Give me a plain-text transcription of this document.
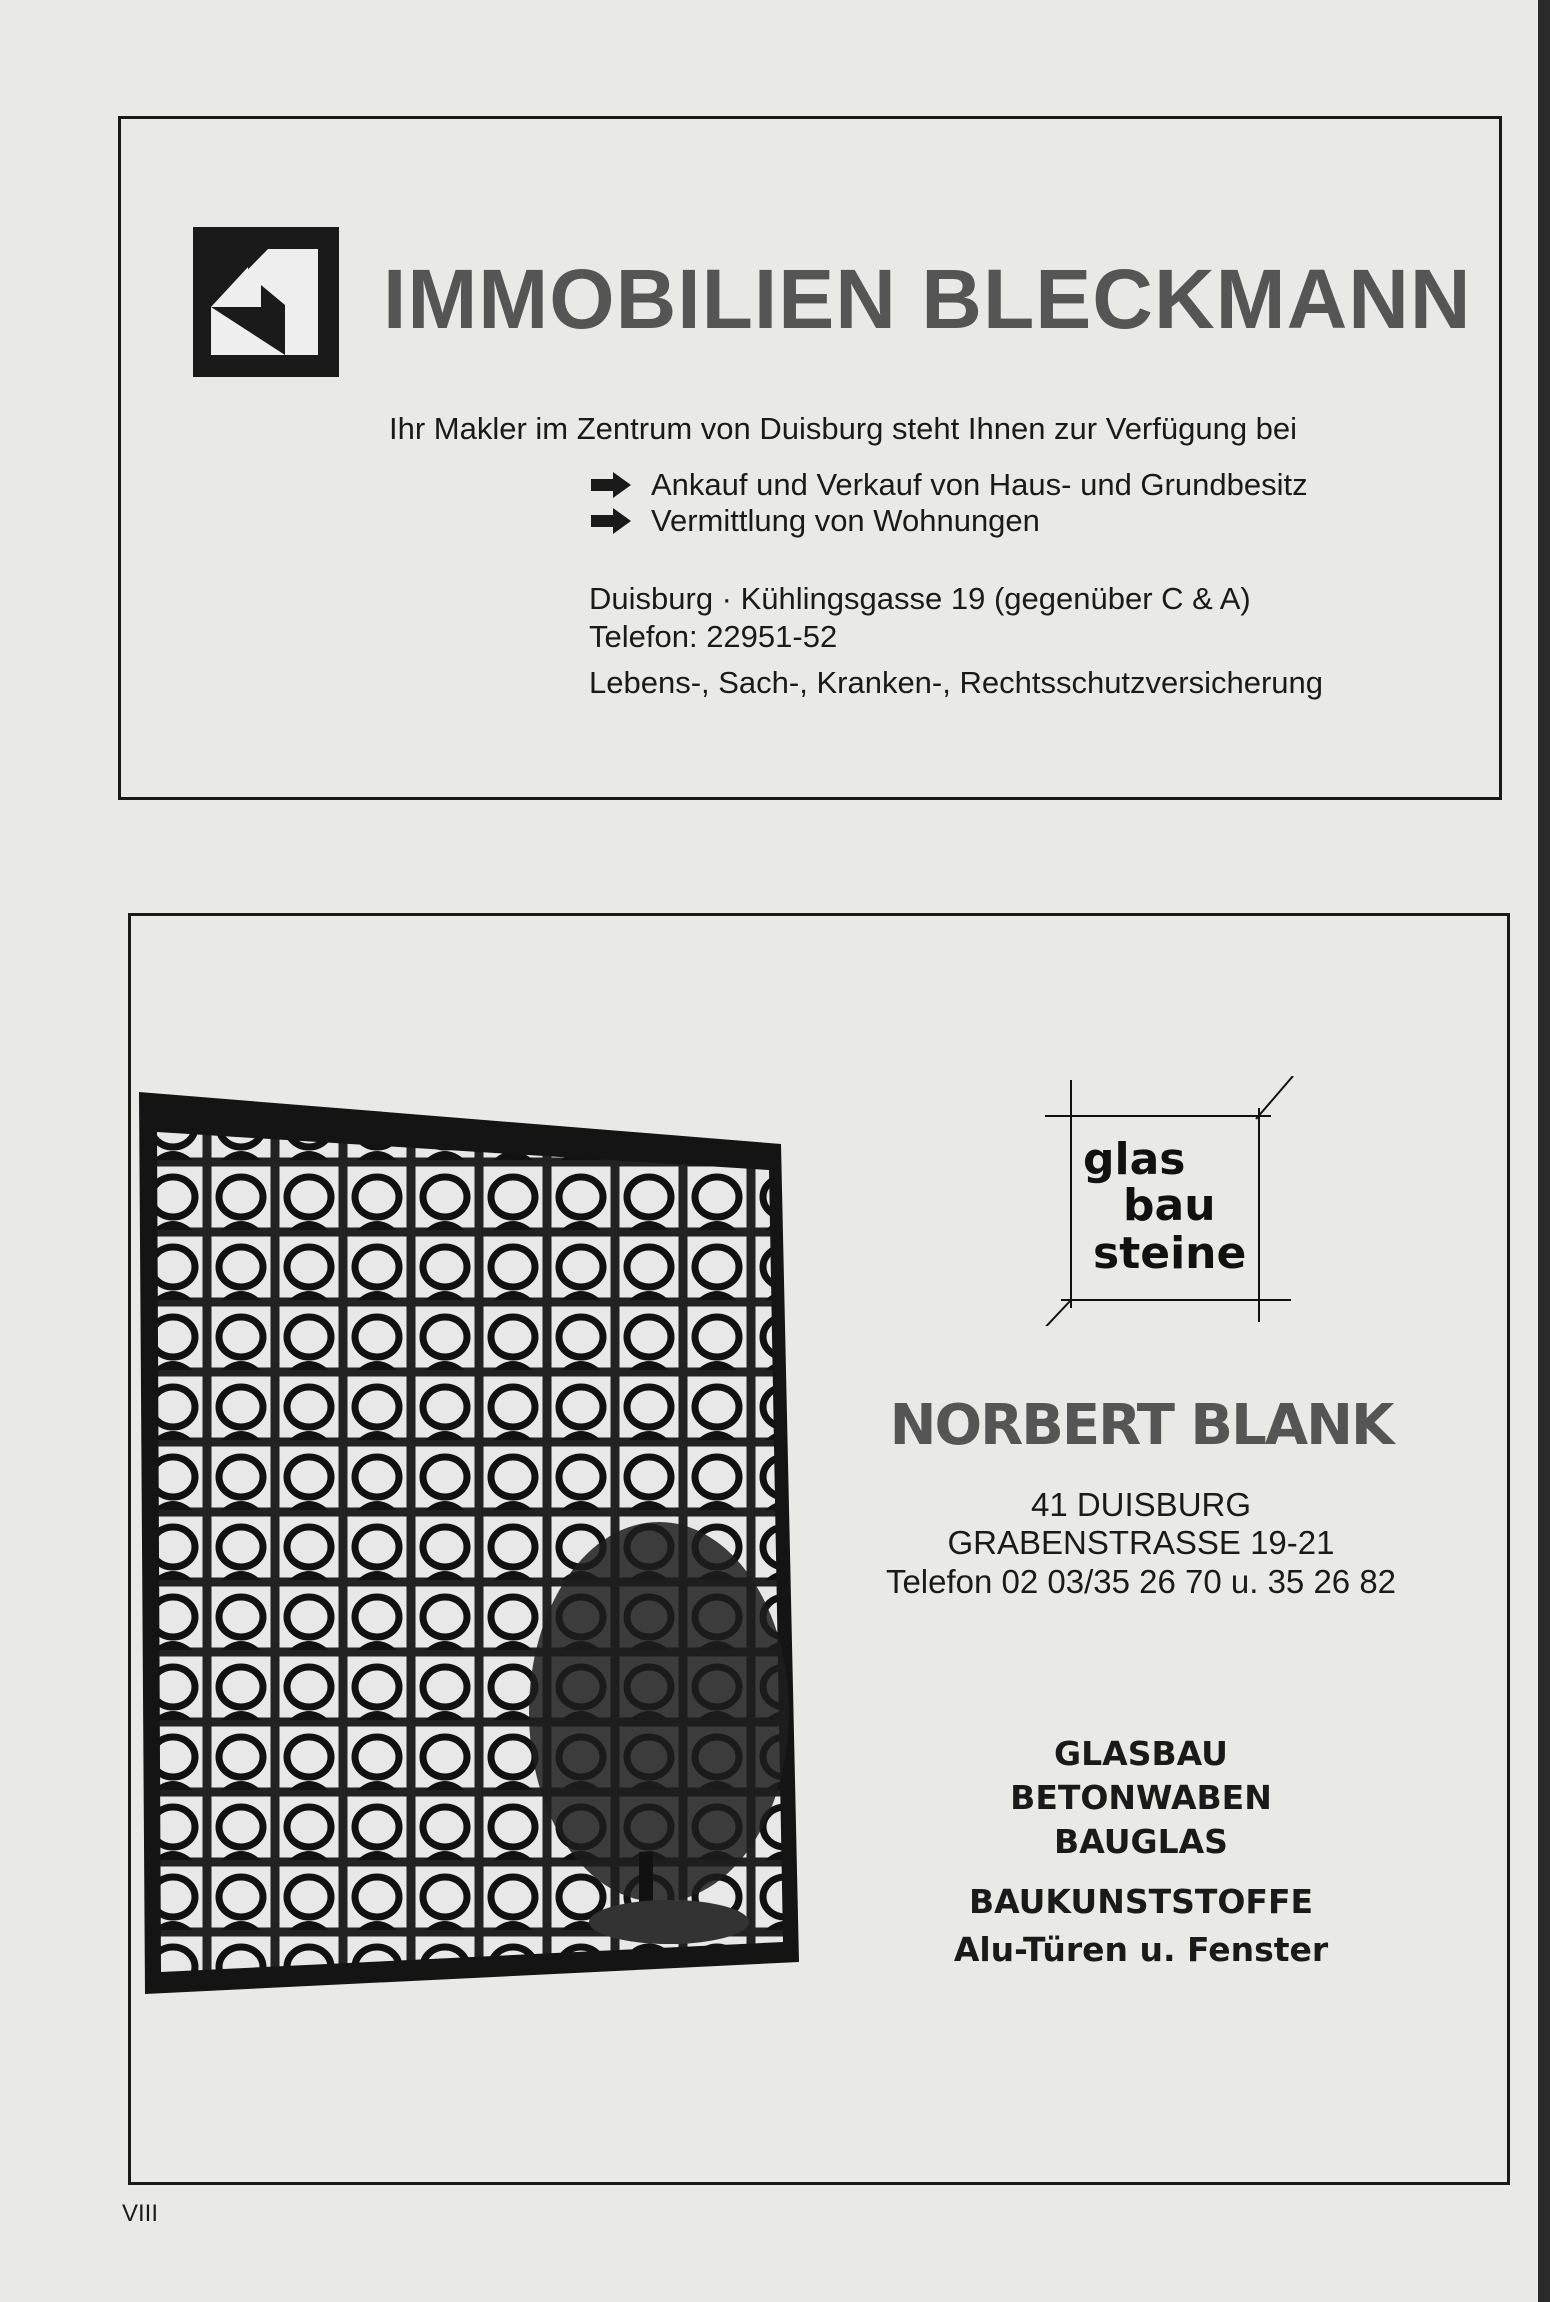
IMMOBILIEN BLECKMANN
Ihr Makler im Zentrum von Duisburg steht Ihnen zur Verfügung bei
Ankauf und Verkauf von Haus- und Grundbesitz
Vermittlung von Wohnungen
Duisburg · Kühlingsgasse 19 (gegenüber C & A)
Telefon: 22951-52
Lebens-, Sach-, Kranken-, Rechtsschutzversicherung
glas
bau
steine
NORBERT BLANK
41 DUISBURG
GRABENSTRASSE 19-21
Telefon 02 03/35 26 70 u. 35 26 82
GLASBAU
BETONWABEN
BAUGLAS
BAUKUNSTSTOFFE
Alu-Türen u. Fenster
VIII
